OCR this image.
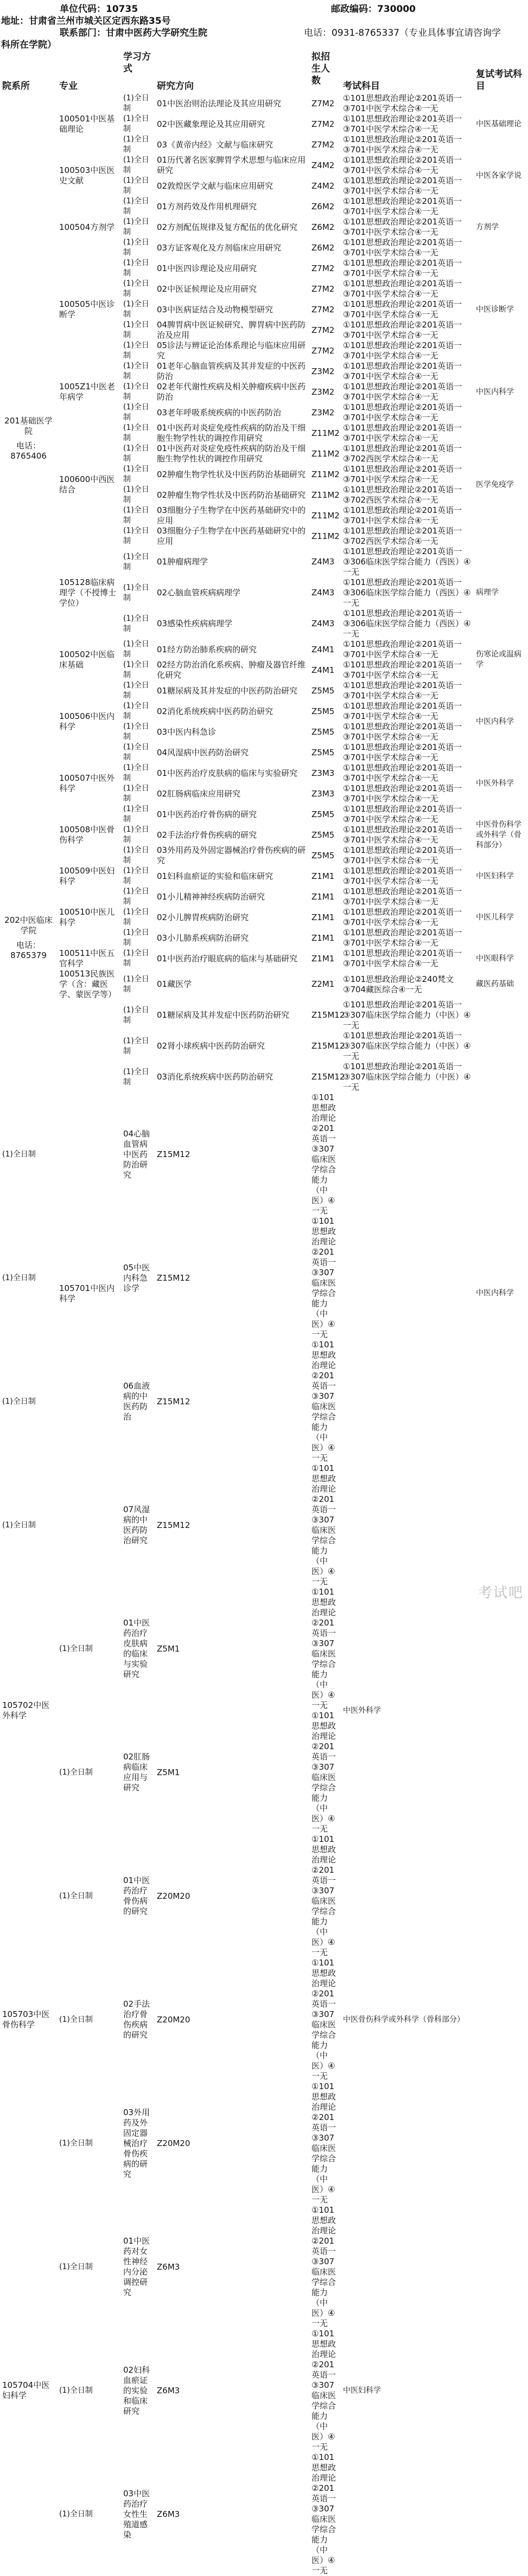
单位代码：10735	邮政编码：730000
地址：甘肃省兰州市城关区定西东路35号
联系部门：甘肃中医药大学研究生院	电话：0931-8765337（专业具体事宜请咨询学
科所在学院）
院系所	专业	学习方式	研究方向	拟招生人数	考试科目	复试考试科目

201基础医学院
电话：8765406	100501中医基础理论	(1)全日制	01中医治则治法理论及其应用研究	Z7M2	①101思想政治理论②201英语一③701中医学术综合④一无	中医基础理论
		(1)全日制	02中医藏象理论及其应用研究	Z7M2	①101思想政治理论②201英语一③701中医学术综合④一无	
		(1)全日制	03《黄帝内经》文献与临床研究	Z7M2	①101思想政治理论②201英语一③701中医学术综合④一无	
	100503中医医史文献	(1)全日制	01历代著名医家脾胃学术思想与临床应用研究	Z4M2	①101思想政治理论②201英语一③701中医学术综合④一无	中医各家学说
		(1)全日制	02敦煌医学文献与临床应用研究	Z4M2	①101思想政治理论②201英语一③701中医学术综合④一无	
	100504方剂学	(1)全日制	01方剂药效及作用机理研究	Z6M2	①101思想政治理论②201英语一③701中医学术综合④一无	方剂学
		(1)全日制	02方剂配伍规律及复方配伍的优化研究	Z6M2	①101思想政治理论②201英语一③701中医学术综合④一无	
		(1)全日制	03方证客观化及方剂临床应用研究	Z6M2	①101思想政治理论②201英语一③701中医学术综合④一无	
	100505中医诊断学	(1)全日制	01中医四诊理论及应用研究	Z7M2	①101思想政治理论②201英语一③701中医学术综合④一无	中医诊断学
		(1)全日制	02中医证候理论及应用研究	Z7M2	①101思想政治理论②201英语一③701中医学术综合④一无	
		(1)全日制	03中医病证结合及动物模型研究	Z7M2	①101思想政治理论②201英语一③701中医学术综合④一无	
		(1)全日制	04脾胃病中医证候研究、脾胃病中医药防治及应用	Z7M2	①101思想政治理论②201英语一③701中医学术综合④一无	
		(1)全日制	05诊法与辨证论治体系理论与临床应用研究	Z7M2	①101思想政治理论②201英语一③701中医学术综合④一无	
	1005Z1中医老年病学	(1)全日制	01老年心脑血管疾病及其并发症的中医药防治	Z3M2	①101思想政治理论②201英语一③701中医学术综合④一无	中医内科学
		(1)全日制	02老年代谢性疾病及相关肿瘤疾病中医药防治	Z3M2	①101思想政治理论②201英语一③701中医学术综合④一无	
		(1)全日制	03老年呼吸系统疾病的中医药防治	Z3M2	①101思想政治理论②201英语一③701中医学术综合④一无	
	100600中西医结合	(1)全日制	01中医药对炎症免疫性疾病的防治及干细胞生物学性状的调控作用研究	Z11M2	①101思想政治理论②201英语一③701中医学术综合④一无	医学免疫学
		(1)全日制	01中医药对炎症免疫性疾病的防治及干细胞生物学性状的调控作用研究	Z11M2	①101思想政治理论②201英语一③702西医学术综合④一无	
		(1)全日制	02肿瘤生物学性状及中医药防治基础研究	Z11M2	①101思想政治理论②201英语一③701中医学术综合④一无	
		(1)全日制	02肿瘤生物学性状及中医药防治基础研究	Z11M2	①101思想政治理论②201英语一③702西医学术综合④一无	
		(1)全日制	03细胞分子生物学在中医药基础研究中的应用	Z11M2	①101思想政治理论②201英语一③701中医学术综合④一无	
		(1)全日制	03细胞分子生物学在中医药基础研究中的应用	Z11M2	①101思想政治理论②201英语一③702西医学术综合④一无	
	105128临床病理学（不授博士学位）	(1)全日制	01肿瘤病理学	Z4M3	①101思想政治理论②201英语一③306临床医学综合能力（西医）④一无	病理学
		(1)全日制	02心脑血管疾病病理学	Z4M3	①101思想政治理论②201英语一③306临床医学综合能力（西医）④一无	
		(1)全日制	03感染性疾病病理学	Z4M3	①101思想政治理论②201英语一③306临床医学综合能力（西医）④一无	
	100502中医临床基础	(1)全日制	01经方防治肺系疾病的研究	Z4M1	①101思想政治理论②201英语一③701中医学术综合④一无	伤寒论或温病学
		(1)全日制	02经方防治消化系疾病、肿瘤及器官纤维化研究	Z4M1	①101思想政治理论②201英语一③701中医学术综合④一无	
	100506中医内科学	(1)全日制	01糖尿病及其并发症的中医药防治研究	Z5M5	①101思想政治理论②201英语一③701中医学术综合④一无	中医内科学
		(1)全日制	02消化系统疾病中医药防治研究	Z5M5	①101思想政治理论②201英语一③701中医学术综合④一无	
		(1)全日制	03中医内科急诊	Z5M5	①101思想政治理论②201英语一③701中医学术综合④一无	
		(1)全日制	04风湿病中医药防治研究	Z5M5	①101思想政治理论②201英语一③701中医学术综合④一无	
	100507中医外科学	(1)全日制	01中医药治疗皮肤病的临床与实验研究	Z3M3	①101思想政治理论②201英语一③701中医学术综合④一无	中医外科学

202中医临床学院
电话：8765379		(1)全日制	02肛肠病临床应用研究	Z3M3	①101思想政治理论②201英语一③701中医学术综合④一无	
	100508中医骨伤科学	(1)全日制	01中医药治疗骨伤病的研究	Z5M5	①101思想政治理论②201英语一③701中医学术综合④一无	中医骨伤科学或外科学（骨科部分）
		(1)全日制	02手法治疗骨伤疾病的研究	Z5M5	①101思想政治理论②201英语一③701中医学术综合④一无	
		(1)全日制	03外用药及外固定器械治疗骨伤疾病的研究	Z5M5	①101思想政治理论②201英语一③701中医学术综合④一无	
	100509中医妇科学	(1)全日制	01妇科血瘀证的实验和临床研究	Z1M1	①101思想政治理论②201英语一③701中医学术综合④一无	中医妇科学
	100510中医儿科学	(1)全日制	01小儿精神神经疾病防治研究	Z1M1	①101思想政治理论②201英语一③701中医学术综合④一无	中医儿科学
		(1)全日制	02小儿脾胃疾病防治研究	Z1M1	①101思想政治理论②201英语一③701中医学术综合④一无	
		(1)全日制	03小儿肺系疾病防治研究	Z1M1	①101思想政治理论②201英语一③701中医学术综合④一无	
	100511中医五官科学	(1)全日制	01中医药治疗眼底病的临床与基础研究	Z1M1	①101思想政治理论②201英语一③701中医学术综合④一无	中医眼科学
	100513民族医学（含：藏医学、蒙医学等）	(1)全日制	01藏医学	Z2M1	①101思想政治理论②240梵文③704藏医综合④一无	藏医药基础
	105701中医内科学	(1)全日制	01糖尿病及其并发症中医药防治研究	Z15M12	①101思想政治理论②201英语一③307临床医学综合能力（中医）④一无	中医内科学
		(1)全日制	02肾小球疾病中医药防治研究	Z15M12	①101思想政治理论②201英语一③307临床医学综合能力（中医）④一无	
		(1)全日制	03消化系统疾病中医药防治研究	Z15M12	①101思想政治理论②201英语一③307临床医学综合能力（中医）④一无	
(1)全日制		04心脑血管病中医药防治研究	Z15M12	①101思想政治理论②201英语一③307临床医学综合能力（中医）④一无		
(1)全日制		05中医内科急诊学	Z15M12	①101思想政治理论②201英语一③307临床医学综合能力（中医）④一无		
(1)全日制		06血液病的中医药防治	Z15M12	①101思想政治理论②201英语一③307临床医学综合能力（中医）④一无		
(1)全日制		07风湿病的中医药防治研究	Z15M12	①101思想政治理论②201英语一③307临床医学综合能力（中医）④一无		
105702中医外科学	(1)全日制	01中医药治疗皮肤病的临床与实验研究	Z5M1	①101思想政治理论②201英语一③307临床医学综合能力（中医）④一无	中医外科学	
	(1)全日制	02肛肠病临床应用与研究	Z5M1	①101思想政治理论②201英语一③307临床医学综合能力（中医）④一无		
105703中医骨伤科学	(1)全日制	01中医药治疗骨伤病的研究	Z20M20	①101思想政治理论②201英语一③307临床医学综合能力（中医）④一无	中医骨伤科学或外科学（骨科部分）	
	(1)全日制	02手法治疗骨伤疾病的研究	Z20M20	①101思想政治理论②201英语一③307临床医学综合能力（中医）④一无		
	(1)全日制	03外用药及外固定器械治疗骨伤疾病的研究	Z20M20	①101思想政治理论②201英语一③307临床医学综合能力（中医）④一无		
105704中医妇科学	(1)全日制	01中医药对女性神经内分泌调控研究	Z6M3	①101思想政治理论②201英语一③307临床医学综合能力（中医）④一无	中医妇科学	
	(1)全日制	02妇科血瘀证的实验和临床研究	Z6M3	①101思想政治理论②201英语一③307临床医学综合能力（中医）④一无		
	(1)全日制	03中医药治疗女性生殖道感染	Z6M3	①101思想政治理论②201英语一③307临床医学综合能力（中医）④一无		
考试吧
